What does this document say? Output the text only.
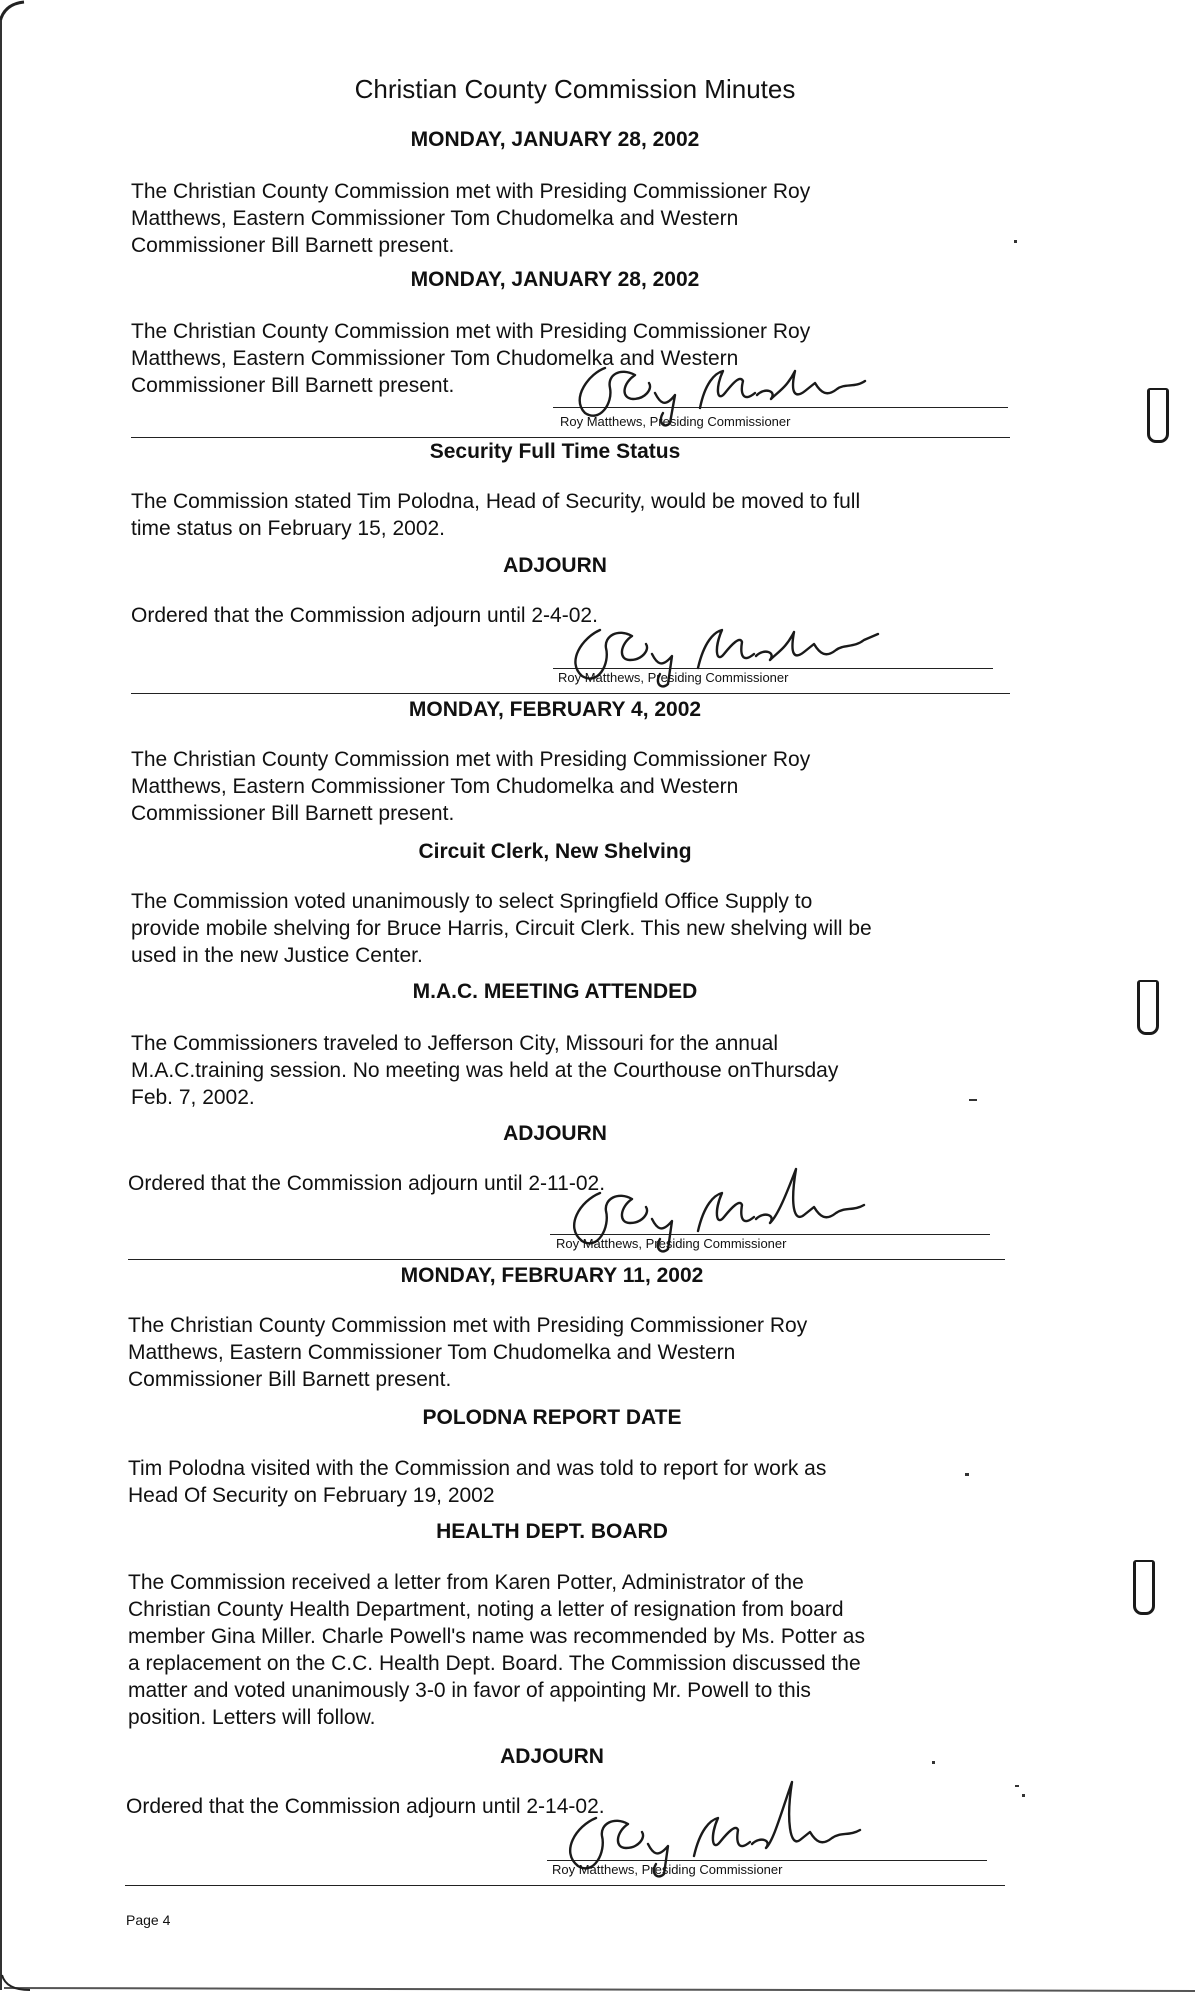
Christian County Commission Minutes
MONDAY, JANUARY 28, 2002
The Christian County Commission met with Presiding Commissioner Roy
Matthews, Eastern Commissioner Tom Chudomelka and Western
Commissioner Bill Barnett present.
MONDAY, JANUARY 28, 2002
The Christian County Commission met with Presiding Commissioner Roy
Matthews, Eastern Commissioner Tom Chudomelka and Western
Commissioner Bill Barnett present.
Roy Matthews, Presiding Commissioner
Security Full Time Status
The Commission stated Tim Polodna, Head of Security, would be moved to full
time status on February 15, 2002.
ADJOURN
Ordered that the Commission adjourn until 2-4-02.
Roy Matthews, Presiding Commissioner
MONDAY, FEBRUARY 4, 2002
The Christian County Commission met with Presiding Commissioner Roy
Matthews, Eastern Commissioner Tom Chudomelka and Western
Commissioner Bill Barnett present.
Circuit Clerk, New Shelving
The Commission voted unanimously to select Springfield Office Supply to
provide mobile shelving for Bruce Harris, Circuit Clerk. This new shelving will be
used in the new Justice Center.
M.A.C. MEETING ATTENDED
The Commissioners traveled to Jefferson City, Missouri for the annual
M.A.C.training session. No meeting was held at the Courthouse onThursday
Feb. 7, 2002.
ADJOURN
Ordered that the Commission adjourn until 2-11-02.
Roy Matthews, Presiding Commissioner
MONDAY, FEBRUARY 11, 2002
The Christian County Commission met with Presiding Commissioner Roy
Matthews, Eastern Commissioner Tom Chudomelka and Western
Commissioner Bill Barnett present.
POLODNA REPORT DATE
Tim Polodna visited with the Commission and was told to report for work as
Head Of Security on February 19, 2002
HEALTH DEPT. BOARD
The Commission received a letter from Karen Potter, Administrator of the
Christian County Health Department, noting a letter of resignation from board
member Gina Miller. Charle Powell's name was recommended by Ms. Potter as
a replacement on the C.C. Health Dept. Board. The Commission discussed the
matter and voted unanimously 3-0 in favor of appointing Mr. Powell to this
position. Letters will follow.
ADJOURN
Ordered that the Commission adjourn until 2-14-02.
Roy Matthews, Presiding Commissioner
Page 4
